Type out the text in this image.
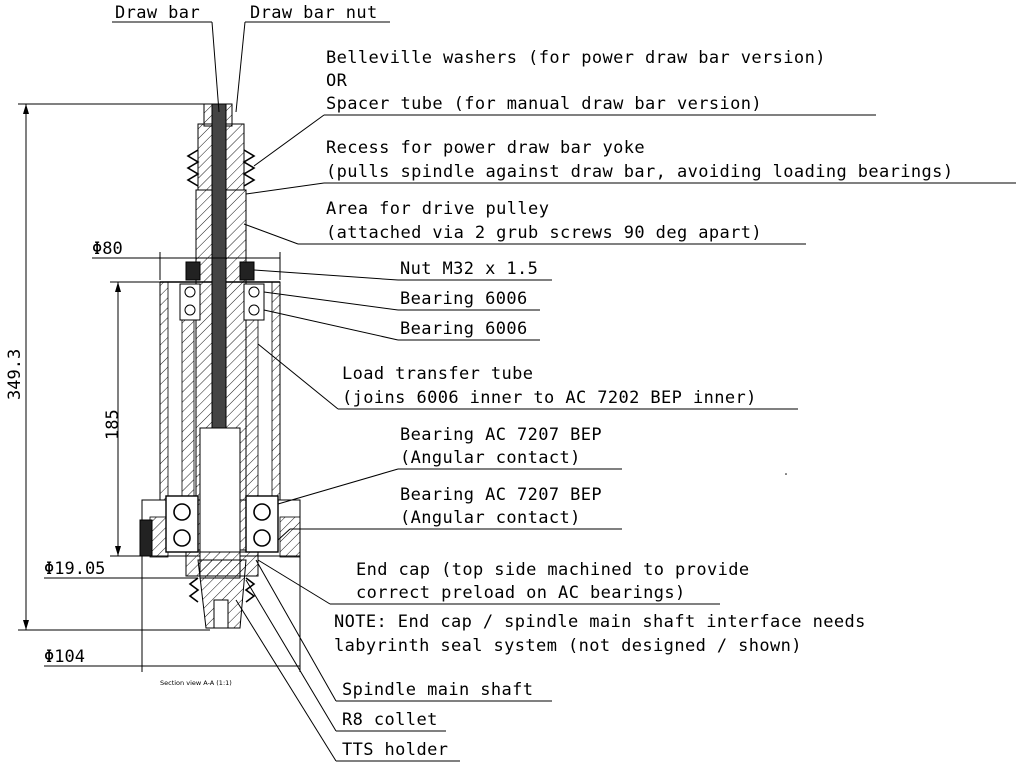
349.3
185
Φ80
Φ19.05
Φ104
Section view A-A (1:1)
Draw bar	Draw bar nut
Belleville washers (for power draw bar version)
OR
Spacer tube (for manual draw bar version)
Recess for power draw bar yoke
(pulls spindle against draw bar, avoiding loading bearings)
Area for drive pulley
(attached via 2 grub screws 90 deg apart)
Nut M32 x 1.5
Bearing 6006
Bearing 6006
Load transfer tube
(joins 6006 inner to AC 7202 BEP inner)
Bearing AC 7207 BEP
(Angular contact)
Bearing AC 7207 BEP
(Angular contact)
End cap (top side machined to provide
correct preload on AC bearings)
NOTE: End cap / spindle main shaft interface needs
labyrinth seal system (not designed / shown)
Spindle main shaft
R8 collet
TTS holder
